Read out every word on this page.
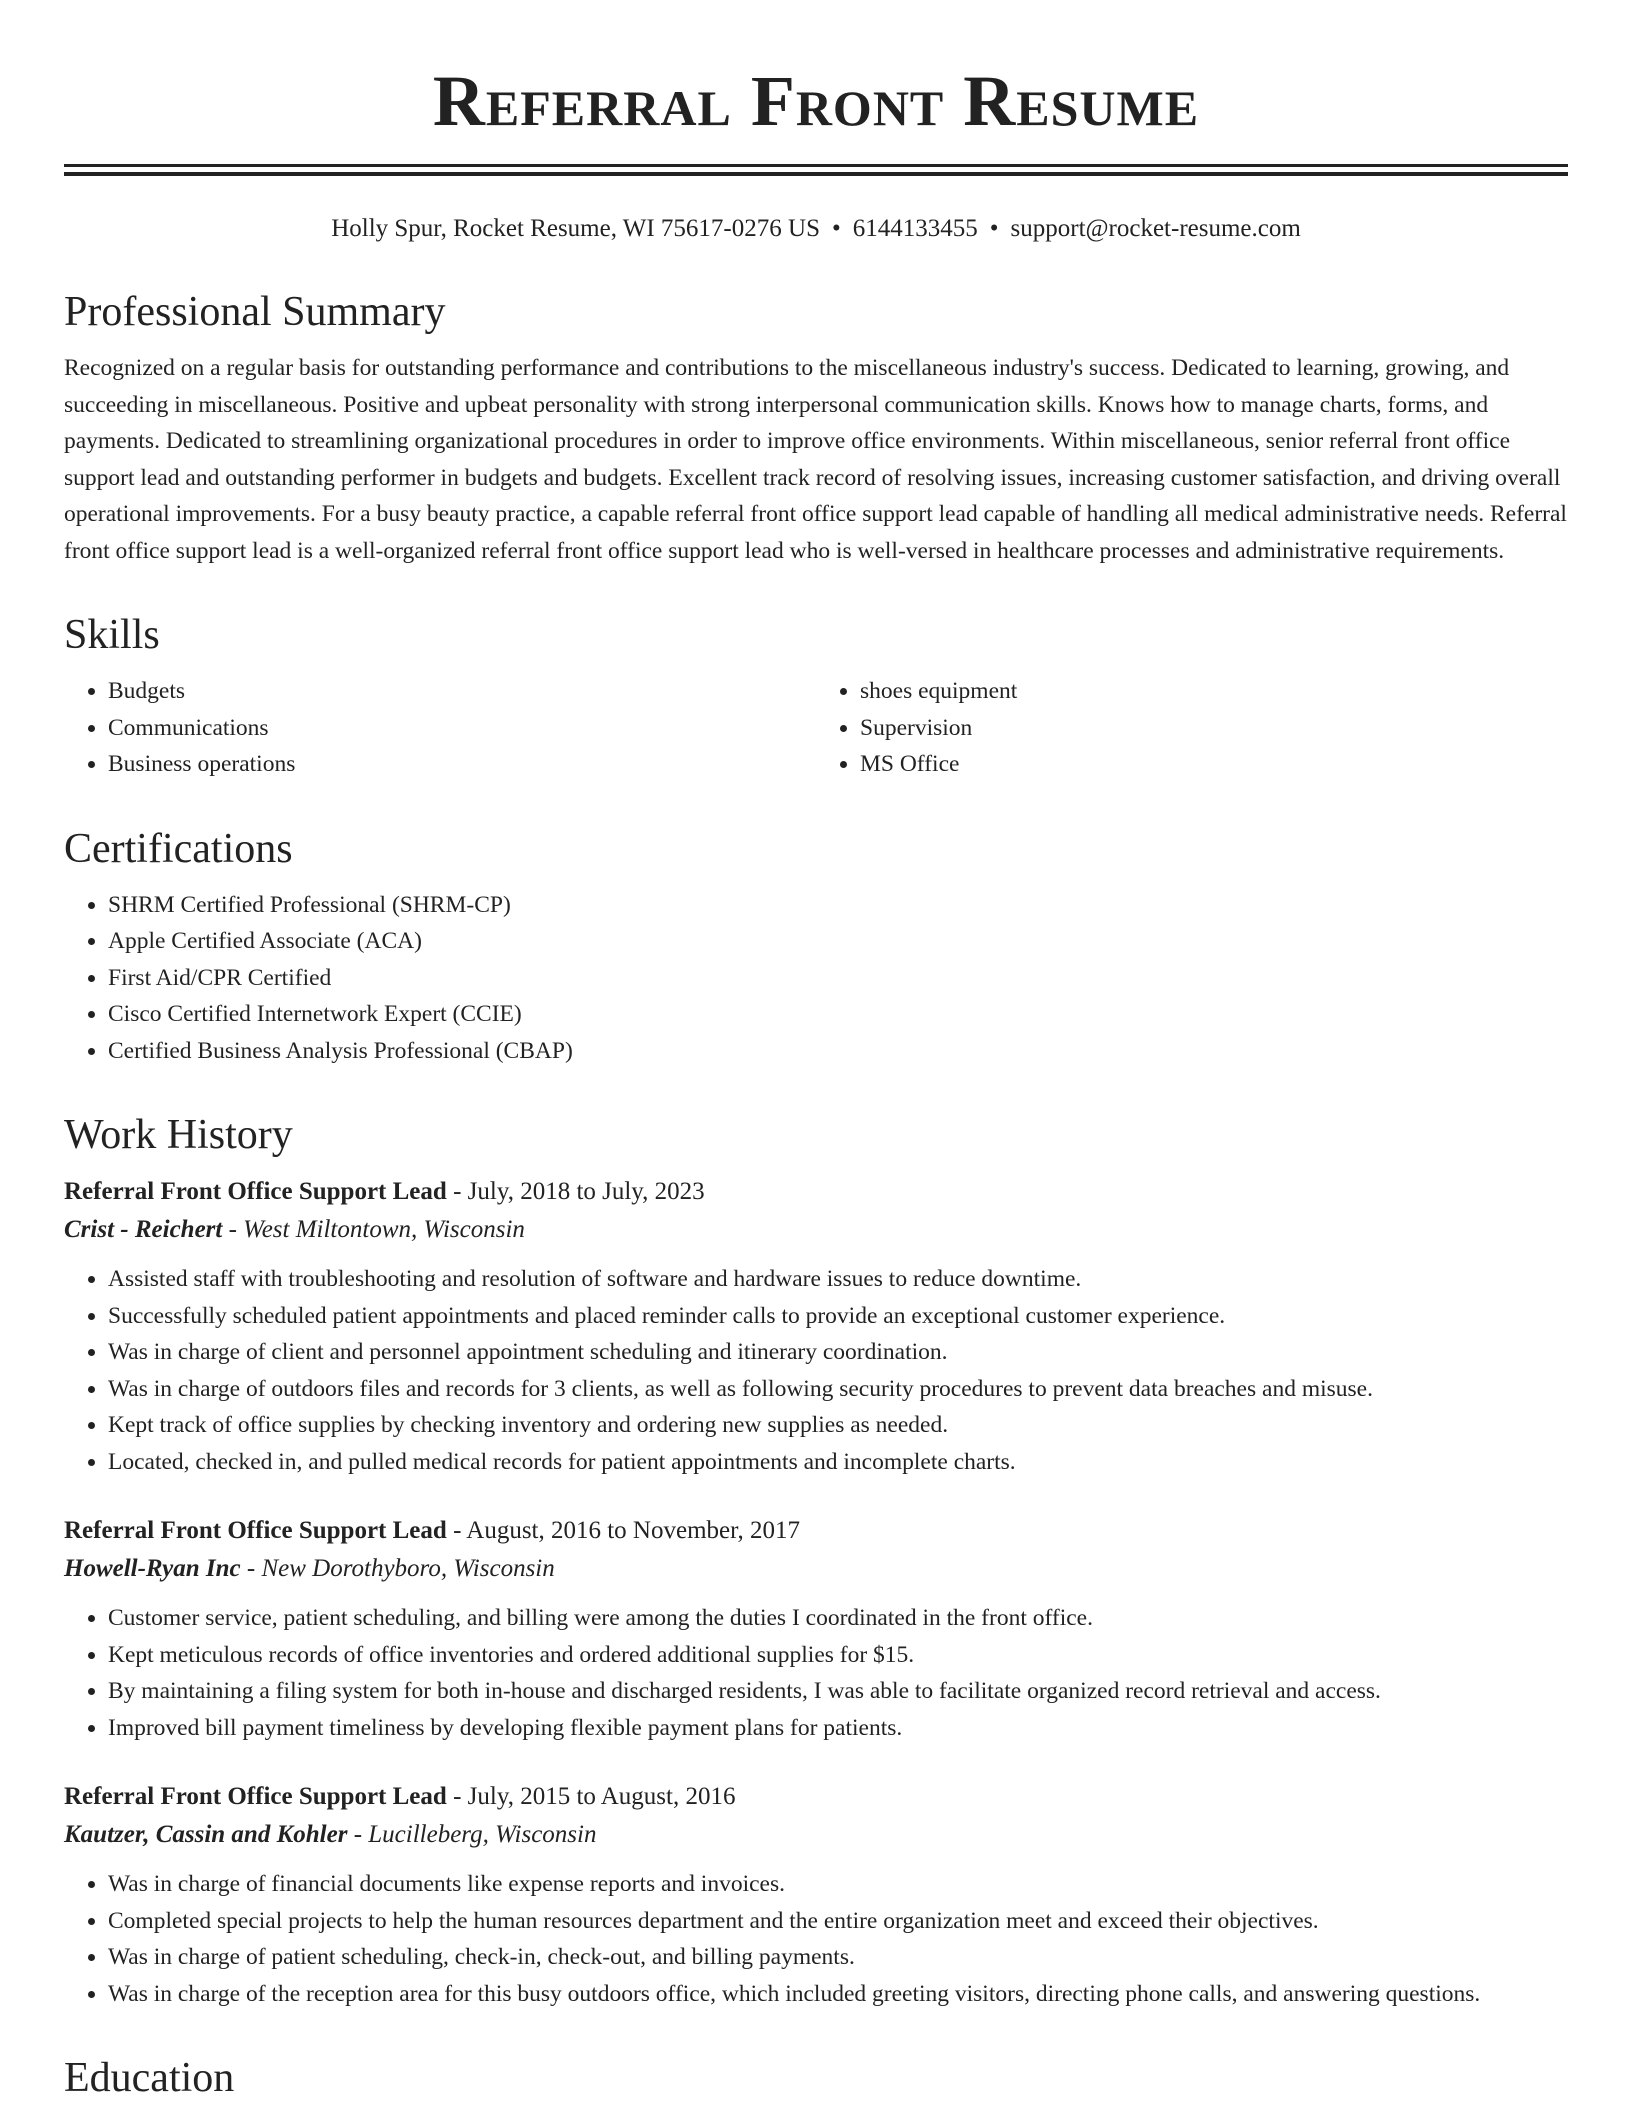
Referral Front Resume
Holly Spur, Rocket Resume, WI 75617-0276 US • 6144133455 • support@rocket-resume.com
Professional Summary

Recognized on a regular basis for outstanding performance and contributions to the miscellaneous industry's success. Dedicated to learning, growing, and succeeding in miscellaneous. Positive and upbeat personality with strong interpersonal communication skills. Knows how to manage charts, forms, and payments. Dedicated to streamlining organizational procedures in order to improve office environments. Within miscellaneous, senior referral front office support lead and outstanding performer in budgets and budgets. Excellent track record of resolving issues, increasing customer satisfaction, and driving overall operational improvements. For a busy beauty practice, a capable referral front office support lead capable of handling all medical administrative needs. Referral front office support lead is a well-organized referral front office support lead who is well-versed in healthcare processes and administrative requirements.

Skills
• Budgets
• Communications
• Business operations
• shoes equipment
• Supervision
• MS Office
Certifications
• SHRM Certified Professional (SHRM-CP)
• Apple Certified Associate (ACA)
• First Aid/CPR Certified
• Cisco Certified Internetwork Expert (CCIE)
• Certified Business Analysis Professional (CBAP)
Work History
Referral Front Office Support Lead - July, 2018 to July, 2023
Crist - Reichert - West Miltontown, Wisconsin
• Assisted staff with troubleshooting and resolution of software and hardware issues to reduce downtime.
• Successfully scheduled patient appointments and placed reminder calls to provide an exceptional customer experience.
• Was in charge of client and personnel appointment scheduling and itinerary coordination.
• Was in charge of outdoors files and records for 3 clients, as well as following security procedures to prevent data breaches and misuse.
• Kept track of office supplies by checking inventory and ordering new supplies as needed.
• Located, checked in, and pulled medical records for patient appointments and incomplete charts.
Referral Front Office Support Lead - August, 2016 to November, 2017
Howell-Ryan Inc - New Dorothyboro, Wisconsin
• Customer service, patient scheduling, and billing were among the duties I coordinated in the front office.
• Kept meticulous records of office inventories and ordered additional supplies for $15.
• By maintaining a filing system for both in-house and discharged residents, I was able to facilitate organized record retrieval and access.
• Improved bill payment timeliness by developing flexible payment plans for patients.
Referral Front Office Support Lead - July, 2015 to August, 2016
Kautzer, Cassin and Kohler - Lucilleberg, Wisconsin
• Was in charge of financial documents like expense reports and invoices.
• Completed special projects to help the human resources department and the entire organization meet and exceed their objectives.
• Was in charge of patient scheduling, check-in, check-out, and billing payments.
• Was in charge of the reception area for this busy outdoors office, which included greeting visitors, directing phone calls, and answering questions.
Education
